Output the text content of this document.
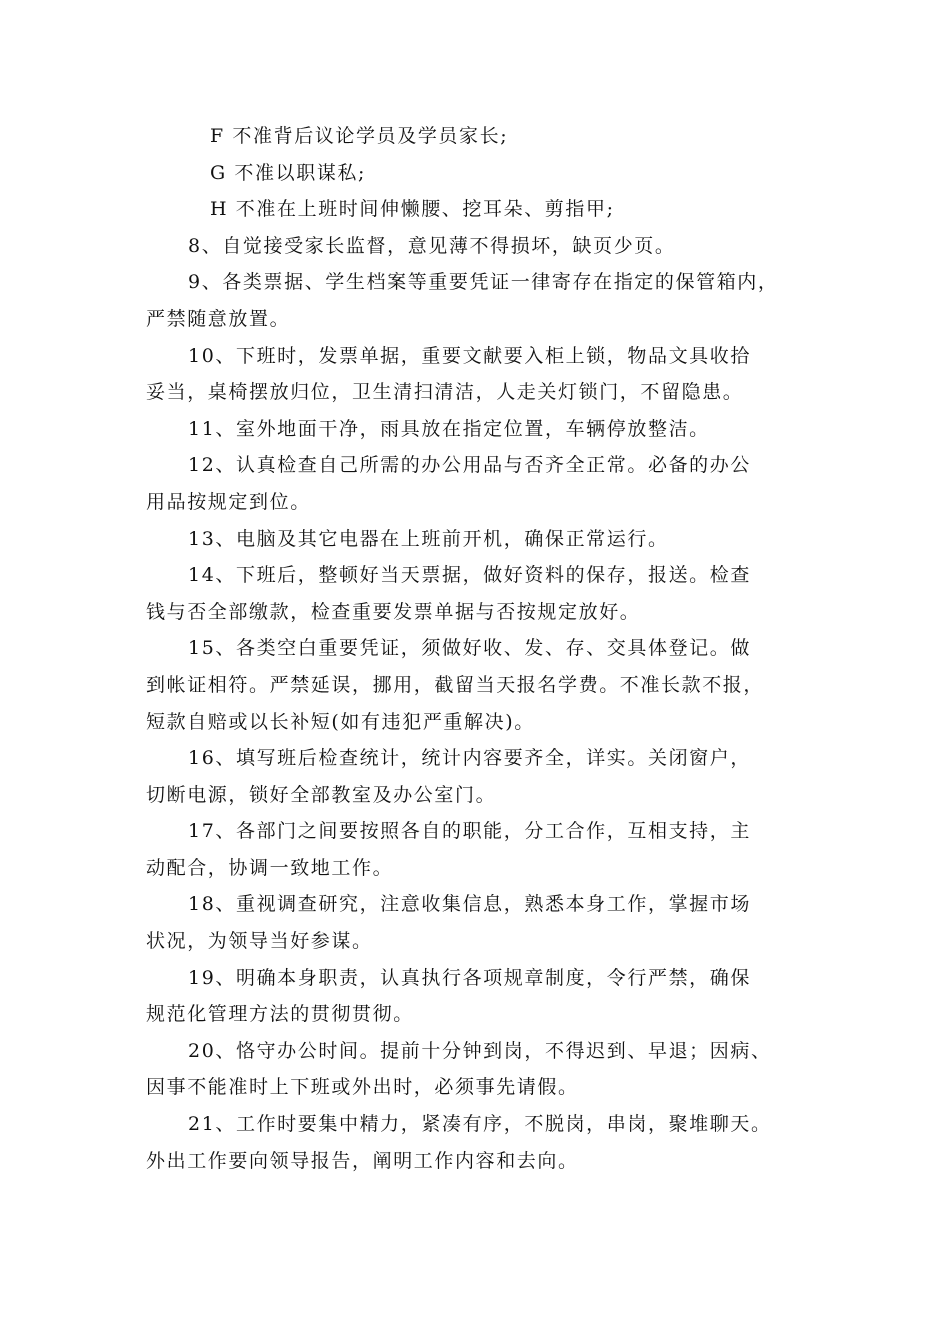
F 不准背后议论学员及学员家长;
G 不准以职谋私;
H 不准在上班时间伸懒腰、挖耳朵、剪指甲;
8、自觉接受家长监督，意见薄不得损坏，缺页少页。
9、各类票据、学生档案等重要凭证一律寄存在指定的保管箱内，
严禁随意放置。
10、下班时，发票单据，重要文献要入柜上锁，物品文具收拾
妥当，桌椅摆放归位，卫生清扫清洁，人走关灯锁门，不留隐患。
11、室外地面干净，雨具放在指定位置，车辆停放整洁。
12、认真检查自己所需的办公用品与否齐全正常。必备的办公
用品按规定到位。
13、电脑及其它电器在上班前开机，确保正常运行。
14、下班后，整顿好当天票据，做好资料的保存，报送。检查
钱与否全部缴款，检查重要发票单据与否按规定放好。
15、各类空白重要凭证，须做好收、发、存、交具体登记。做
到帐证相符。严禁延误，挪用，截留当天报名学费。不准长款不报，
短款自赔或以长补短(如有违犯严重解决)。
16、填写班后检查统计，统计内容要齐全，详实。关闭窗户，
切断电源，锁好全部教室及办公室门。
17、各部门之间要按照各自的职能，分工合作，互相支持，主
动配合，协调一致地工作。
18、重视调查研究，注意收集信息，熟悉本身工作，掌握市场
状况，为领导当好参谋。
19、明确本身职责，认真执行各项规章制度，令行严禁，确保
规范化管理方法的贯彻贯彻。
20、恪守办公时间。提前十分钟到岗，不得迟到、早退；因病、
因事不能准时上下班或外出时，必须事先请假。
21、工作时要集中精力，紧凑有序，不脱岗，串岗，聚堆聊天。
外出工作要向领导报告，阐明工作内容和去向。
